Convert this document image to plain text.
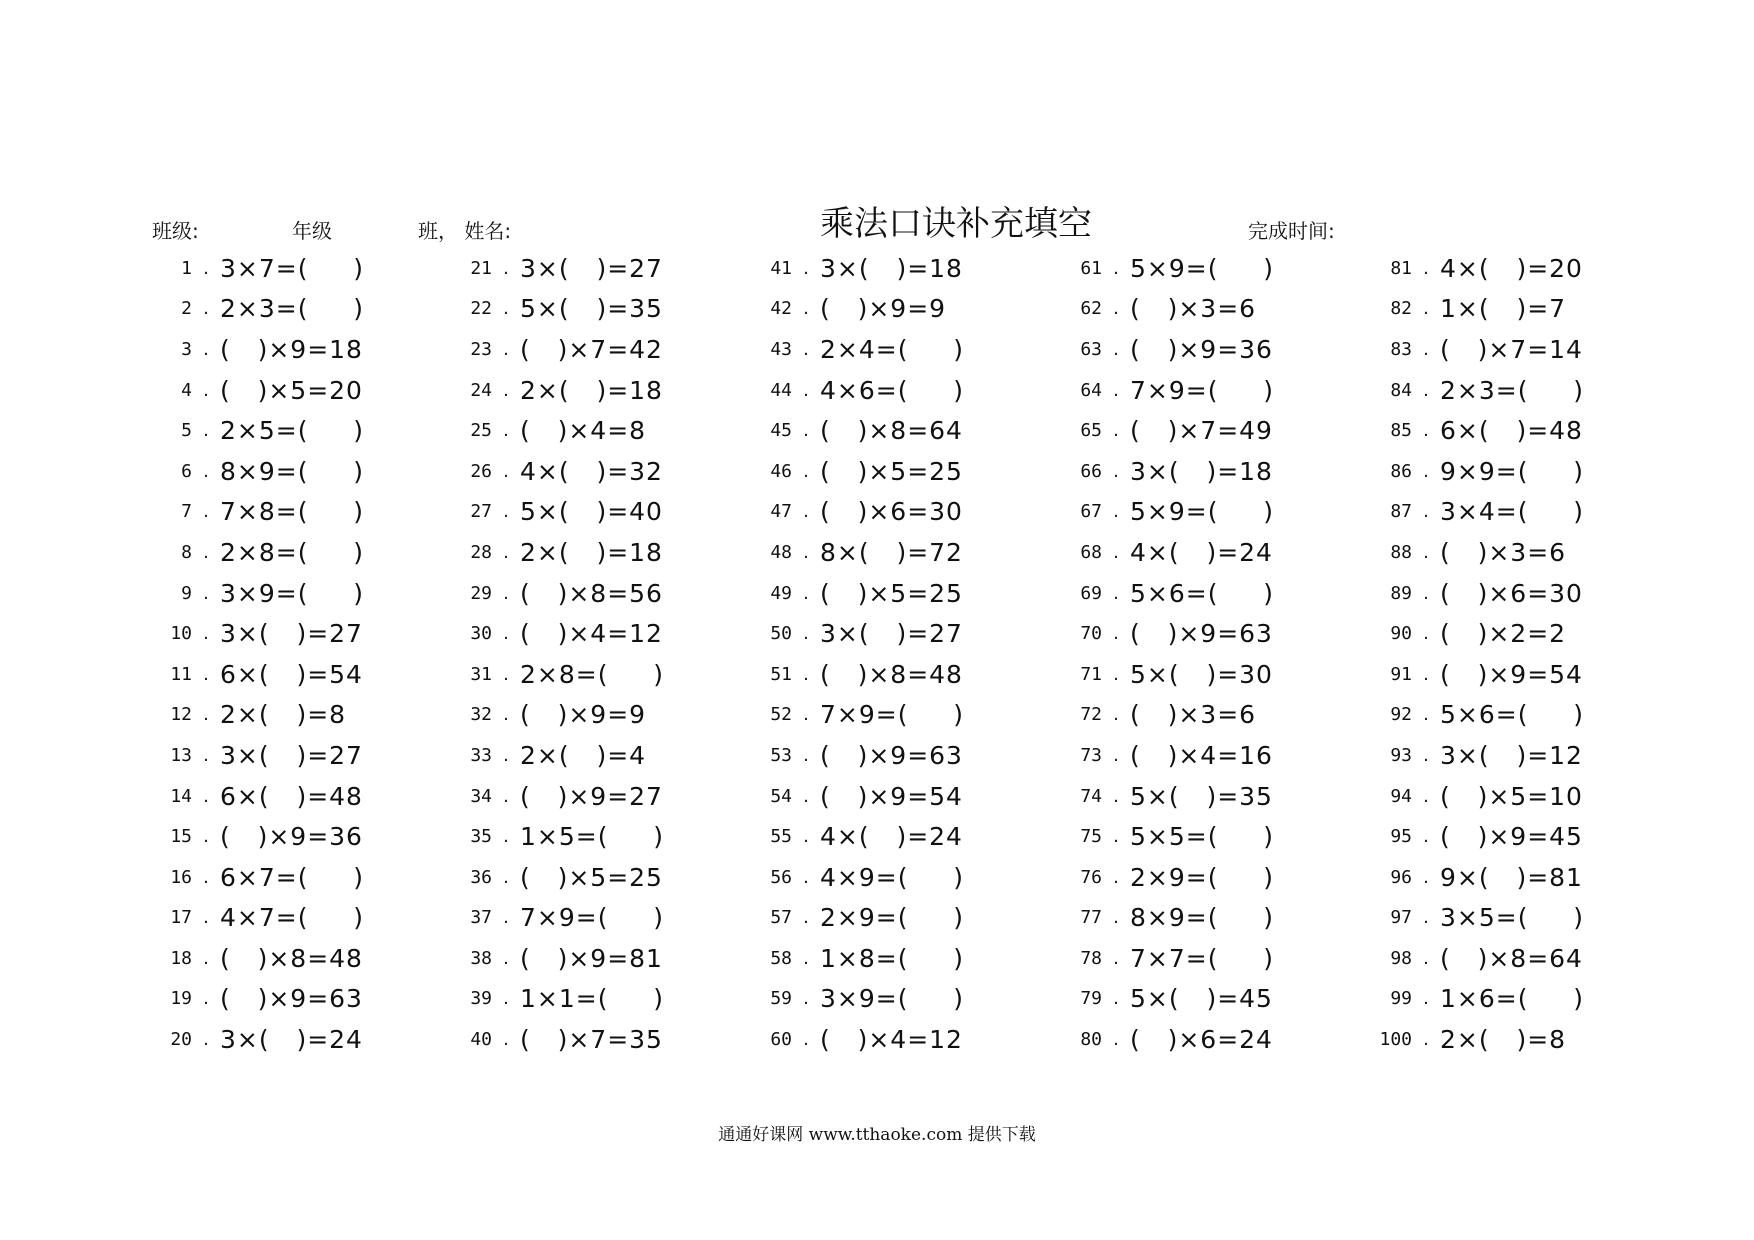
班级:	年级	班， 姓名:	乘法口诀补充填空	完成时间:
1 . 3×7=(     )
2 . 2×3=(     )
3 . (   )×9=18
4 . (   )×5=20
5 . 2×5=(     )
6 . 8×9=(     )
7 . 7×8=(     )
8 . 2×8=(     )
9 . 3×9=(     )
10 . 3×(   )=27
11 . 6×(   )=54
12 . 2×(   )=8
13 . 3×(   )=27
14 . 6×(   )=48
15 . (   )×9=36
16 . 6×7=(     )
17 . 4×7=(     )
18 . (   )×8=48
19 . (   )×9=63
20 . 3×(   )=24
21 . 3×(   )=27
22 . 5×(   )=35
23 . (   )×7=42
24 . 2×(   )=18
25 . (   )×4=8
26 . 4×(   )=32
27 . 5×(   )=40
28 . 2×(   )=18
29 . (   )×8=56
30 . (   )×4=12
31 . 2×8=(     )
32 . (   )×9=9
33 . 2×(   )=4
34 . (   )×9=27
35 . 1×5=(     )
36 . (   )×5=25
37 . 7×9=(     )
38 . (   )×9=81
39 . 1×1=(     )
40 . (   )×7=35
41 . 3×(   )=18
42 . (   )×9=9
43 . 2×4=(     )
44 . 4×6=(     )
45 . (   )×8=64
46 . (   )×5=25
47 . (   )×6=30
48 . 8×(   )=72
49 . (   )×5=25
50 . 3×(   )=27
51 . (   )×8=48
52 . 7×9=(     )
53 . (   )×9=63
54 . (   )×9=54
55 . 4×(   )=24
56 . 4×9=(     )
57 . 2×9=(     )
58 . 1×8=(     )
59 . 3×9=(     )
60 . (   )×4=12
61 . 5×9=(     )
62 . (   )×3=6
63 . (   )×9=36
64 . 7×9=(     )
65 . (   )×7=49
66 . 3×(   )=18
67 . 5×9=(     )
68 . 4×(   )=24
69 . 5×6=(     )
70 . (   )×9=63
71 . 5×(   )=30
72 . (   )×3=6
73 . (   )×4=16
74 . 5×(   )=35
75 . 5×5=(     )
76 . 2×9=(     )
77 . 8×9=(     )
78 . 7×7=(     )
79 . 5×(   )=45
80 . (   )×6=24
81 . 4×(   )=20
82 . 1×(   )=7
83 . (   )×7=14
84 . 2×3=(     )
85 . 6×(   )=48
86 . 9×9=(     )
87 . 3×4=(     )
88 . (   )×3=6
89 . (   )×6=30
90 . (   )×2=2
91 . (   )×9=54
92 . 5×6=(     )
93 . 3×(   )=12
94 . (   )×5=10
95 . (   )×9=45
96 . 9×(   )=81
97 . 3×5=(     )
98 . (   )×8=64
99 . 1×6=(     )
100 . 2×(   )=8
通通好课网 www.tthaoke.com 提供下载
